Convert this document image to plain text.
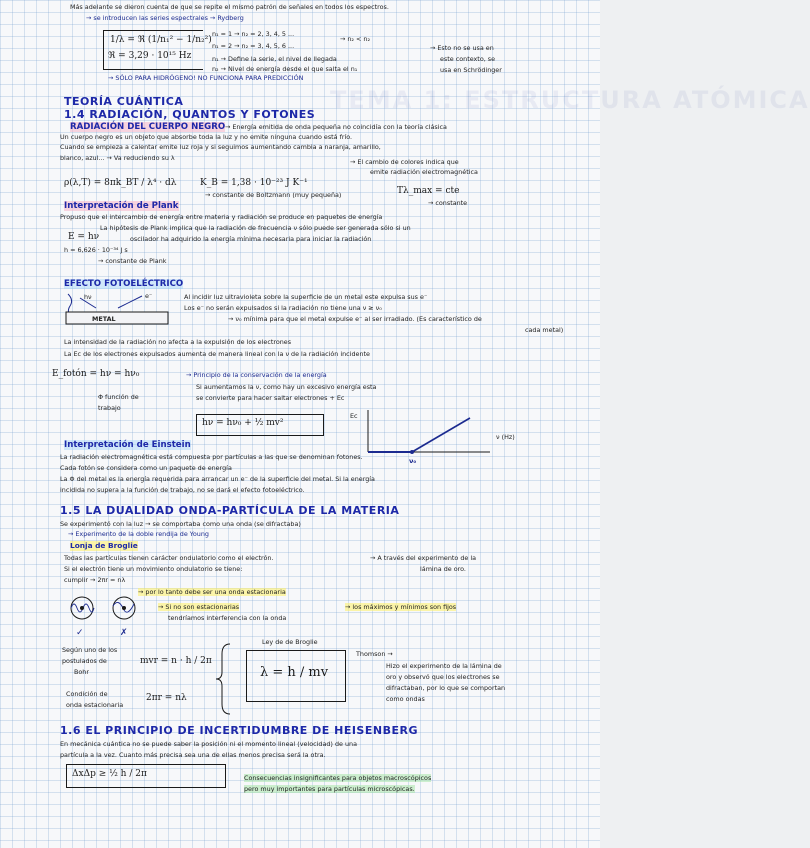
TEMA 1: ESTRUCTURA ATÓMICA
Más adelante se dieron cuenta de que se repite el mismo patrón de señales en todos los espectros.
→ se introducen las series espectrales → Rydberg
1/λ = ℜ (1/n₁² − 1/n₂²)
ℜ = 3,29 · 10¹⁵ Hz
n₁ = 1 → n₂ = 2, 3, 4, 5 ...
n₁ = 2 → n₂ = 3, 4, 5, 6 ...
→ n₂ < n₂
n₁ → Define la serie, el nivel de llegada
n₂ → Nivel de energía desde el que salta el n₁
→ Esto no se usa en
este contexto, se
usa en Schrödinger
→ SÓLO PARA HIDRÓGENO! NO FUNCIONA PARA PREDICCIÓN
TEORÍA CUÁNTICA
1.4 RADIACIÓN, QUANTOS Y FOTONES
RADIACIÓN DEL CUERPO NEGRO → Energía emitida de onda pequeña no coincidía con la teoría clásica
Un cuerpo negro es un objeto que absorbe toda la luz y no emite ninguna cuando está frío.
Cuando se empieza a calentar emite luz roja y si seguimos aumentando cambia a naranja, amarillo,
blanco, azul... → Va reduciendo su λ	→ El cambio de colores indica que
emite radiación electromagnética
ρ(λ,T) = 8πk_BT / λ⁴ · dλ	K_B = 1,38 · 10⁻²³ J K⁻¹
→ constante de Boltzmann (muy pequeña)	Tλ_max = cte
→ constante
Interpretación de Plank
Propuso que el intercambio de energía entre materia y radiación se produce en paquetes de energía
La hipótesis de Plank implica que la radiación de frecuencia ν sólo puede ser generada sólo si un
oscilador ha adquirido la energía mínima necesaria para iniciar la radiación
E = hν
h = 6,626 · 10⁻³⁴ J s
→ constante de Plank
EFECTO FOTOELÉCTRICO
hν	e⁻
METAL
Al incidir luz ultravioleta sobre la superficie de un metal este expulsa sus e⁻
Los e⁻ no serán expulsados si la radiación no tiene una ν ≥ ν₀
→ ν₀ mínima para que el metal expulse e⁻ al ser irradiado. (Es característico de
cada metal)
La intensidad de la radiación no afecta a la expulsión de los electrones
La Ec de los electrones expulsados aumenta de manera lineal con la ν de la radiación incidente
E_fotón = hν = hν₀
Φ función de trabajo
→ Principio de la conservación de la energía
Si aumentamos la ν, como hay un excesivo energía esta
se convierte para hacer saltar electrones + Ec
hν = hν₀ + ½ mv²
Ec
ν (Hz)
ν₀
Interpretación de Einstein
La radiación electromagnética está compuesta por partículas a las que se denominan fotones.
Cada fotón se considera como un paquete de energía
La Φ del metal es la energía requerida para arrancar un e⁻ de la superficie del metal. Si la energía
incidida no supera a la función de trabajo, no se dará el efecto fotoeléctrico.
1.5 LA DUALIDAD ONDA-PARTÍCULA DE LA MATERIA
Se experimentó con la luz → se comportaba como una onda (se difractaba)
→ Experimento de la doble rendija de Young
Lonja de Broglie
Todas las partículas tienen carácter ondulatorio como el electrón.	→ A través del experimento de la
lámina de oro.
Si el electrón tiene un movimiento ondulatorio se tiene:
cumplir → 2πr = nλ
→ por lo tanto debe ser una onda estacionaria
✓	✗
→ Si no son estacionarias	→ los máximos y mínimos son fijos
tendríamos interferencia con la onda
Según uno de los
postulados de
Bohr
mvr = n · h / 2π
Condición de
onda estacionaria
2πr = nλ
Ley de de Broglie
λ = h / mv
Thomson →
Hizo el experimento de la lámina de
oro y observó que los electrones se
difractaban, por lo que se comportan
como ondas
1.6 EL PRINCIPIO DE INCERTIDUMBRE DE HEISENBERG
En mecánica cuántica no se puede saber la posición ni el momento lineal (velocidad) de una
partícula a la vez. Cuanto más precisa sea una de ellas menos precisa será la otra.
ΔxΔp ≥ ½ h / 2π	Consecuencias insignificantes para objetos macroscópicos
pero muy importantes para partículas microscópicas.
